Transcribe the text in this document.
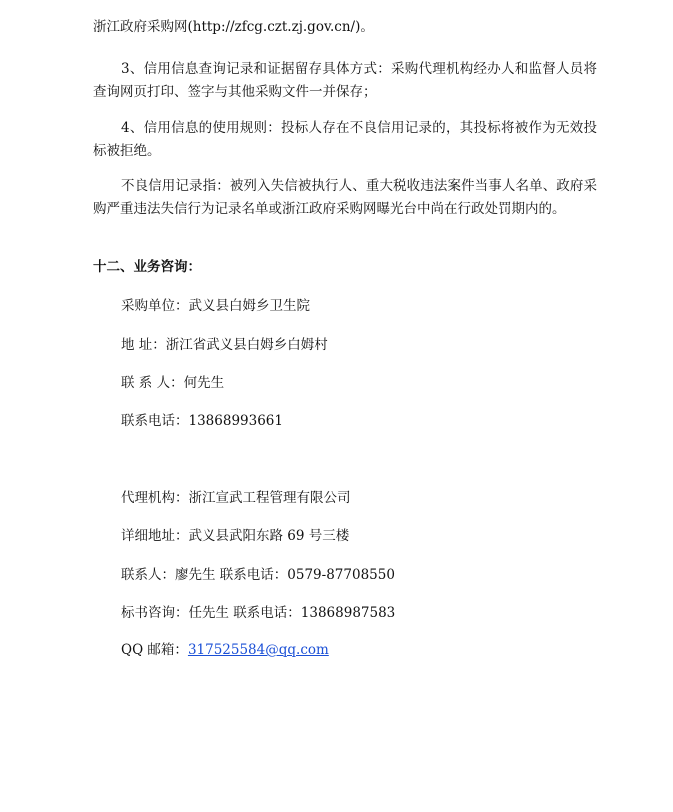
浙江政府采购网(http://zfcg.czt.zj.gov.cn/)。

3、信用信息查询记录和证据留存具体方式：采购代理机构经办人和监督人员将查询网页打印、签字与其他采购文件一并保存；

4、信用信息的使用规则：投标人存在不良信用记录的，其投标将被作为无效投标被拒绝。

不良信用记录指：被列入失信被执行人、重大税收违法案件当事人名单、政府采购严重违法失信行为记录名单或浙江政府采购网曝光台中尚在行政处罚期内的。

十二、业务咨询：

采购单位：武义县白姆乡卫生院

地 址：浙江省武义县白姆乡白姆村

联 系 人：何先生

联系电话：13868993661

代理机构：浙江宣武工程管理有限公司

详细地址：武义县武阳东路 69 号三楼

联系人：廖先生 联系电话：0579-87708550

标书咨询：任先生 联系电话：13868987583

QQ 邮箱：317525584@qq.com
